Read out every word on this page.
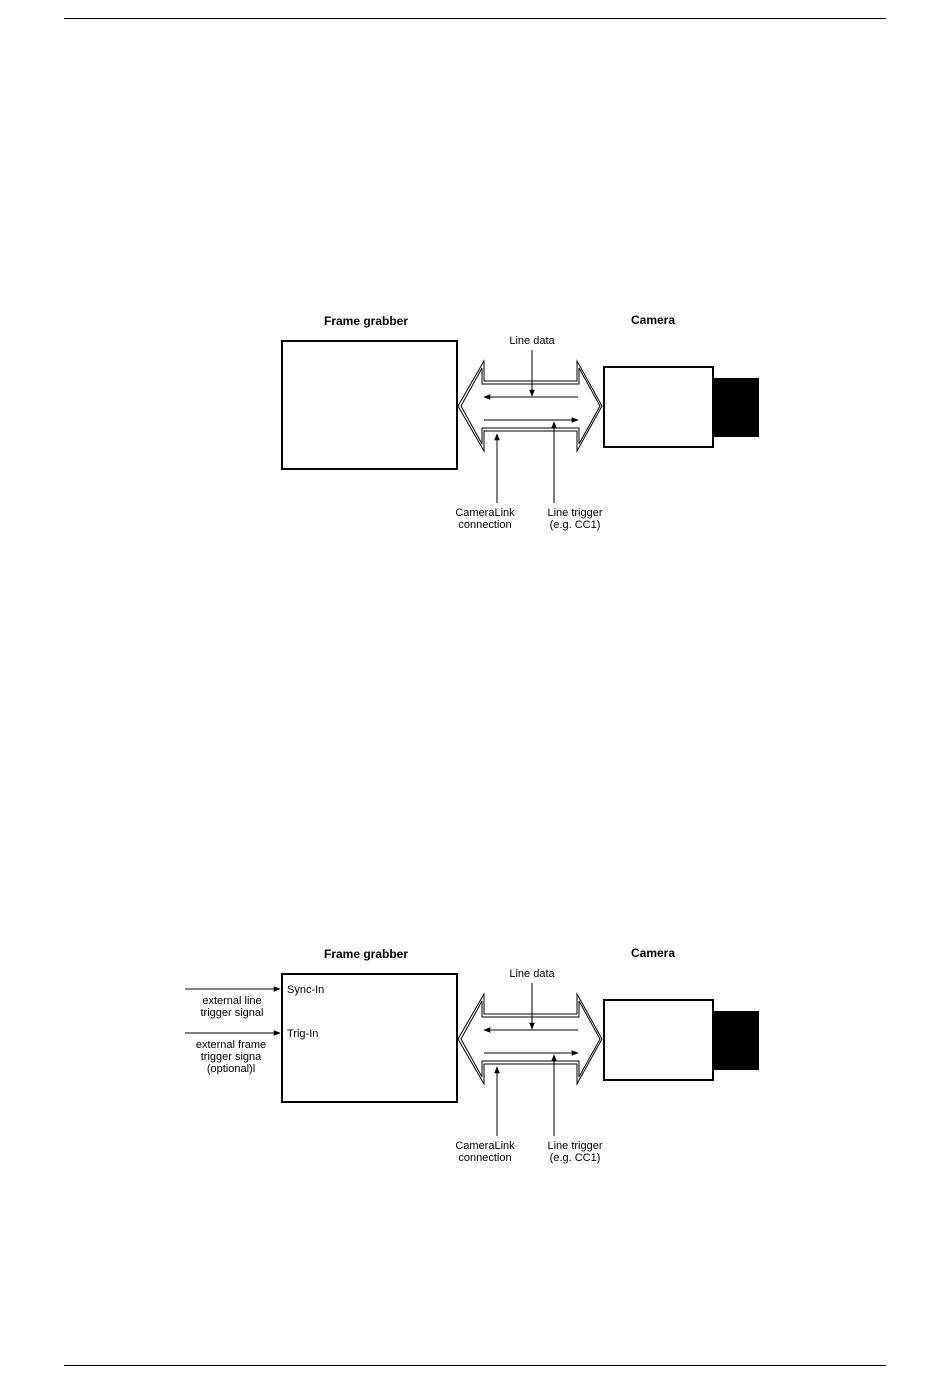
Frame grabber	Camera
Line data
CameraLink
connection
Line trigger
(e.g. CC1)
Frame grabber	Camera
Sync-In
Trig-In
external line
trigger signal
external frame
trigger signa
(optional)l
Line data
CameraLink
connection
Line trigger
(e.g. CC1)
